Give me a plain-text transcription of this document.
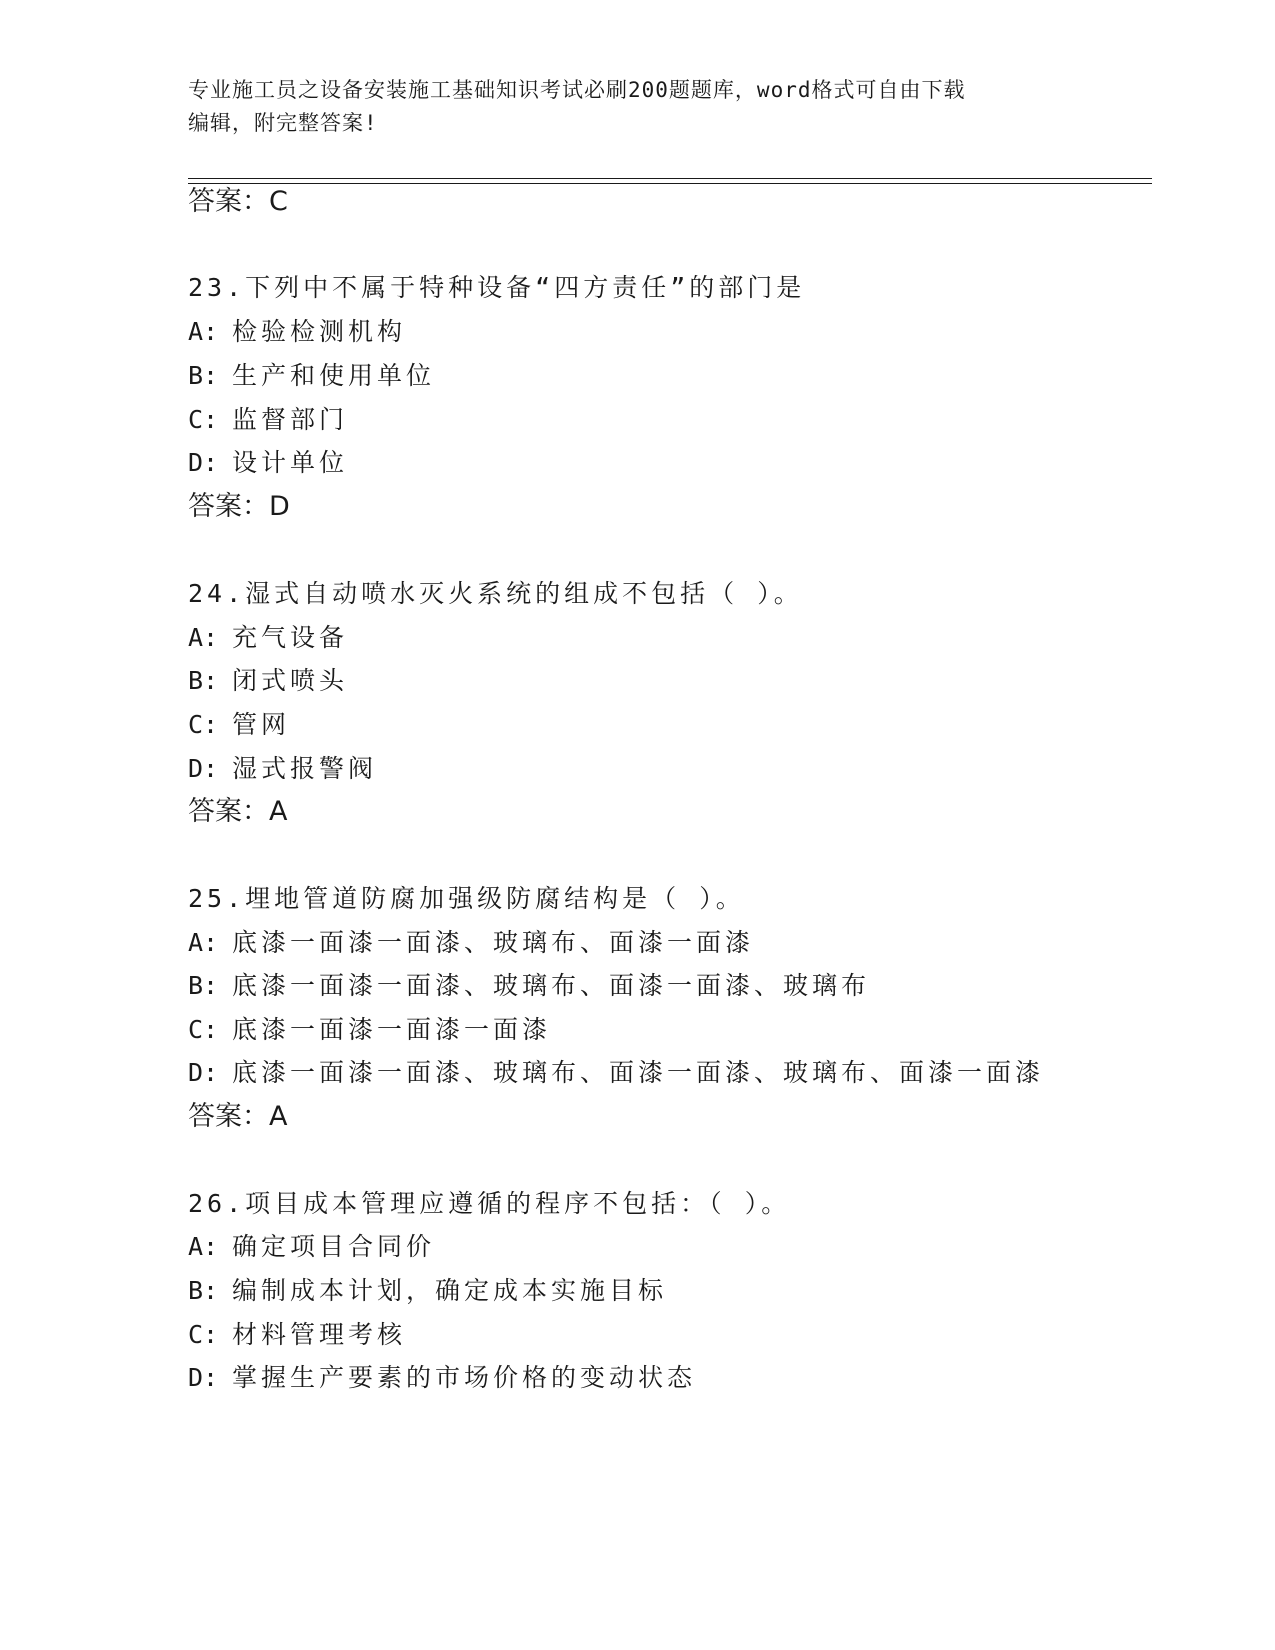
专业施工员之设备安装施工基础知识考试必刷200题题库，word格式可自由下载
编辑，附完整答案!
答案：C
23.下列中不属于特种设备“四方责任”的部门是
A: 检验检测机构
B: 生产和使用单位
C: 监督部门
D: 设计单位
答案：D
24.湿式自动喷水灭火系统的组成不包括（ ）。
A: 充气设备
B: 闭式喷头
C: 管网
D: 湿式报警阀
答案：A
25.埋地管道防腐加强级防腐结构是（ ）。
A: 底漆一面漆一面漆、玻璃布、面漆一面漆
B: 底漆一面漆一面漆、玻璃布、面漆一面漆、玻璃布
C: 底漆一面漆一面漆一面漆
D: 底漆一面漆一面漆、玻璃布、面漆一面漆、玻璃布、面漆一面漆
答案：A
26.项目成本管理应遵循的程序不包括：（ ）。
A: 确定项目合同价
B: 编制成本计划，确定成本实施目标
C: 材料管理考核
D: 掌握生产要素的市场价格的变动状态
